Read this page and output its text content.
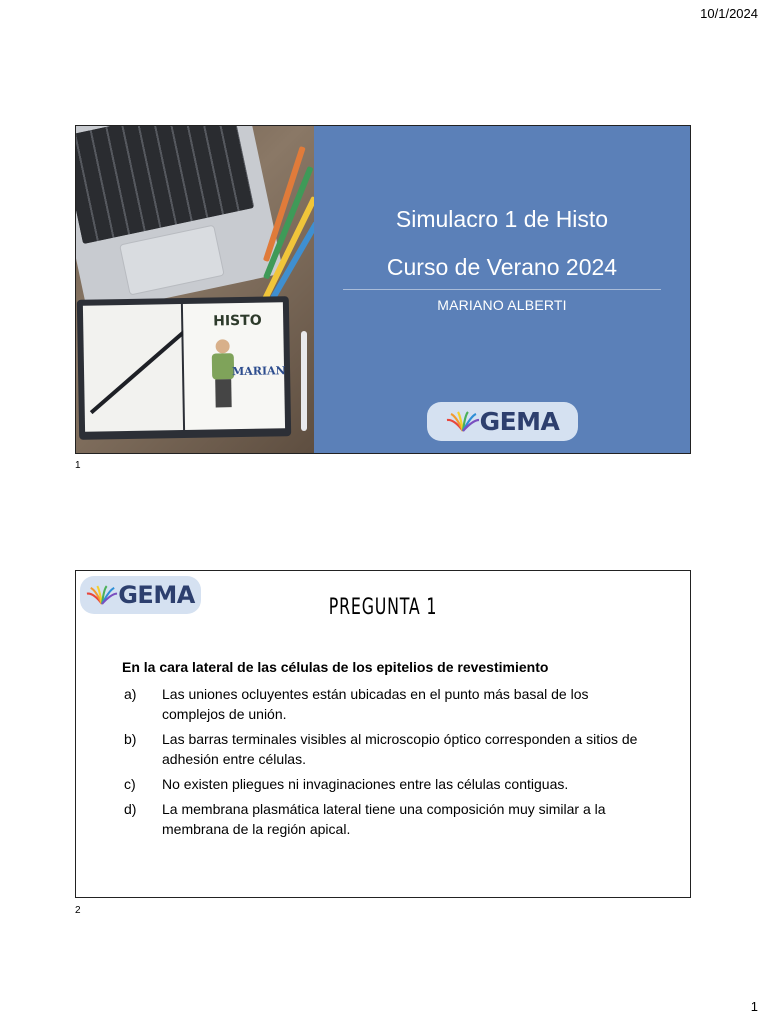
10/1/2024
HISTO
MARIAN
Simulacro 1 de Histo
Curso de Verano 2024
MARIANO ALBERTI
GEMA
1
GEMA	PREGUNTA 1
En la cara lateral de las células de los epitelios de revestimiento
a)	Las uniones ocluyentes están ubicadas en el punto más basal de los complejos de unión.
b)	Las barras terminales visibles al microscopio óptico corresponden a sitios de adhesión entre células.
c)	No existen pliegues ni invaginaciones entre las células contiguas.
d)	La membrana plasmática lateral tiene una composición muy similar a la membrana de la región apical.
2
1
